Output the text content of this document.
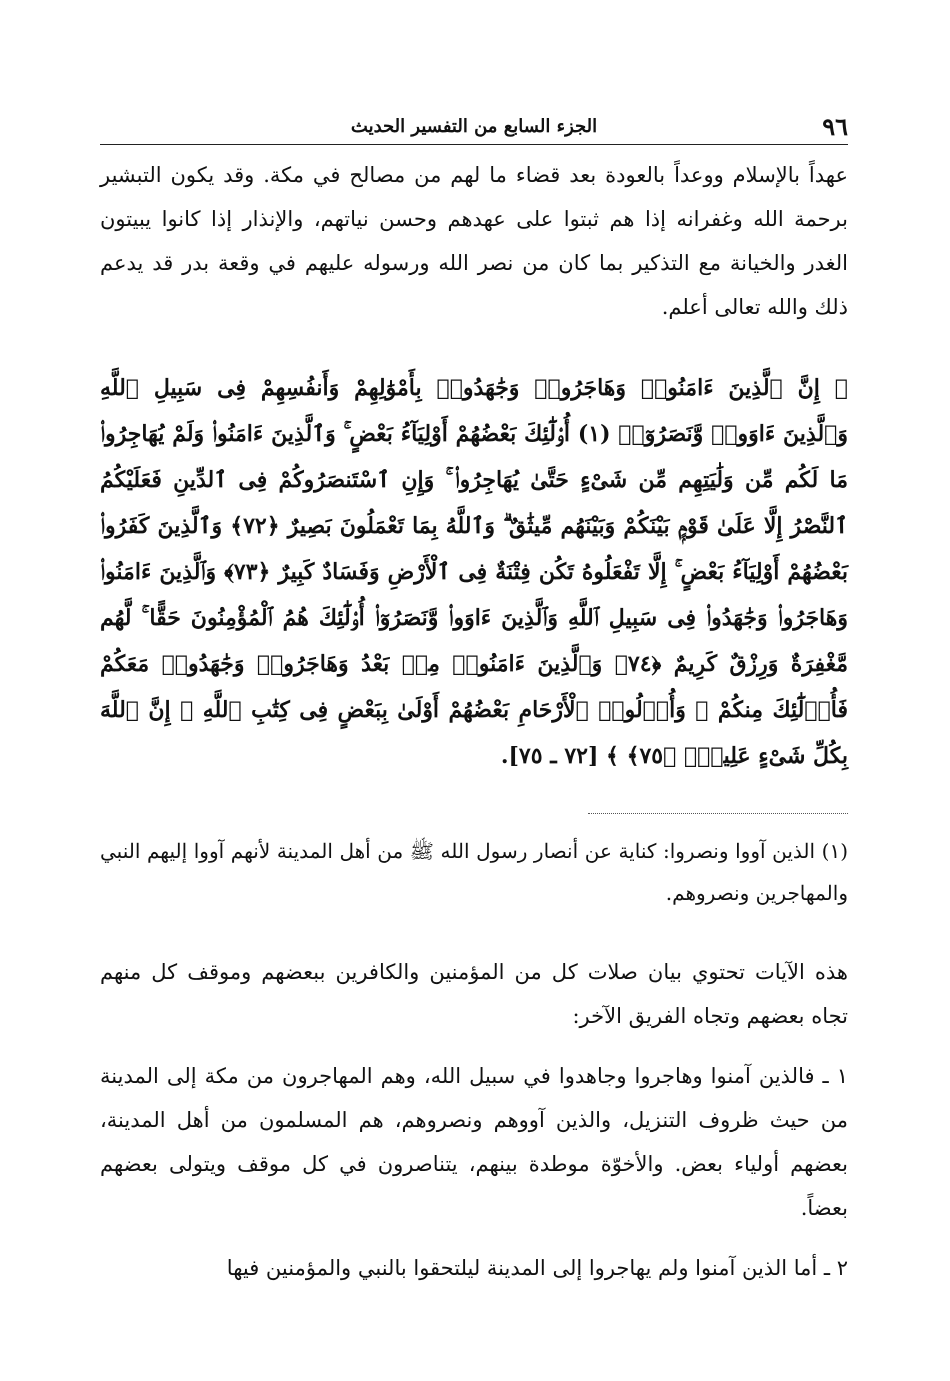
٩٦
الجزء السابع من التفسير الحديث

عهداً بالإسلام ووعداً بالعودة بعد قضاء ما لهم من مصالح في مكة. وقد يكون التبشير برحمة الله وغفرانه إذا هم ثبتوا على عهدهم وحسن نياتهم، والإنذار إذا كانوا يبيتون الغدر والخيانة مع التذكير بما كان من نصر الله ورسوله عليهم في وقعة بدر قد يدعم ذلك والله تعالى أعلم.

﴿ إِنَّ ٱلَّذِينَ ءَامَنُوا۟ وَهَاجَرُوا۟ وَجَٰهَدُوا۟ بِأَمْوَٰلِهِمْ وَأَنفُسِهِمْ فِى سَبِيلِ ٱللَّهِ وَٱلَّذِينَ ءَاوَوا۟ وَّنَصَرُوٓا۟ (١) أُو۟لَٰٓئِكَ بَعْضُهُمْ أَوْلِيَآءُ بَعْضٍ ۚ وَٱلَّذِينَ ءَامَنُوا۟ وَلَمْ يُهَاجِرُوا۟ مَا لَكُم مِّن وَلَٰيَتِهِم مِّن شَىْءٍ حَتَّىٰ يُهَاجِرُوا۟ ۚ وَإِنِ ٱسْتَنصَرُوكُمْ فِى ٱلدِّينِ فَعَلَيْكُمُ ٱلنَّصْرُ إِلَّا عَلَىٰ قَوْمٍۭ بَيْنَكُمْ وَبَيْنَهُم مِّيثَٰقٌ ۗ وَٱللَّهُ بِمَا تَعْمَلُونَ بَصِيرٌ ﴿٧٢﴾ وَٱلَّذِينَ كَفَرُوا۟ بَعْضُهُمْ أَوْلِيَآءُ بَعْضٍ ۚ إِلَّا تَفْعَلُوهُ تَكُن فِتْنَةٌ فِى ٱلْأَرْضِ وَفَسَادٌ كَبِيرٌ ﴿٧٣﴾ وَٱلَّذِينَ ءَامَنُوا۟ وَهَاجَرُوا۟ وَجَٰهَدُوا۟ فِى سَبِيلِ ٱللَّهِ وَٱلَّذِينَ ءَاوَوا۟ وَّنَصَرُوٓا۟ أُو۟لَٰٓئِكَ هُمُ ٱلْمُؤْمِنُونَ حَقًّا ۚ لَّهُم مَّغْفِرَةٌ وَرِزْقٌ كَرِيمٌ ﴿٧٤﴾ وَٱلَّذِينَ ءَامَنُوا۟ مِنۢ بَعْدُ وَهَاجَرُوا۟ وَجَٰهَدُوا۟ مَعَكُمْ فَأُو۟لَٰٓئِكَ مِنكُمْ ۚ وَأُو۟لُوا۟ ٱلْأَرْحَامِ بَعْضُهُمْ أَوْلَىٰ بِبَعْضٍ فِى كِتَٰبِ ٱللَّهِ ۗ إِنَّ ٱللَّهَ بِكُلِّ شَىْءٍ عَلِيمٌۢ ﴿٧٥﴾ ﴾ [٧٢ ـ ٧٥].

(١) الذين آووا ونصروا: كناية عن أنصار رسول الله ﷺ من أهل المدينة لأنهم آووا إليهم النبي والمهاجرين ونصروهم.

هذه الآيات تحتوي بيان صلات كل من المؤمنين والكافرين ببعضهم وموقف كل منهم تجاه بعضهم وتجاه الفريق الآخر:

١ ـ فالذين آمنوا وهاجروا وجاهدوا في سبيل الله، وهم المهاجرون من مكة إلى المدينة من حيث ظروف التنزيل، والذين آووهم ونصروهم، هم المسلمون من أهل المدينة، بعضهم أولياء بعض. والأخوّة موطدة بينهم، يتناصرون في كل موقف ويتولى بعضهم بعضاً.

٢ ـ أما الذين آمنوا ولم يهاجروا إلى المدينة ليلتحقوا بالنبي والمؤمنين فيها
